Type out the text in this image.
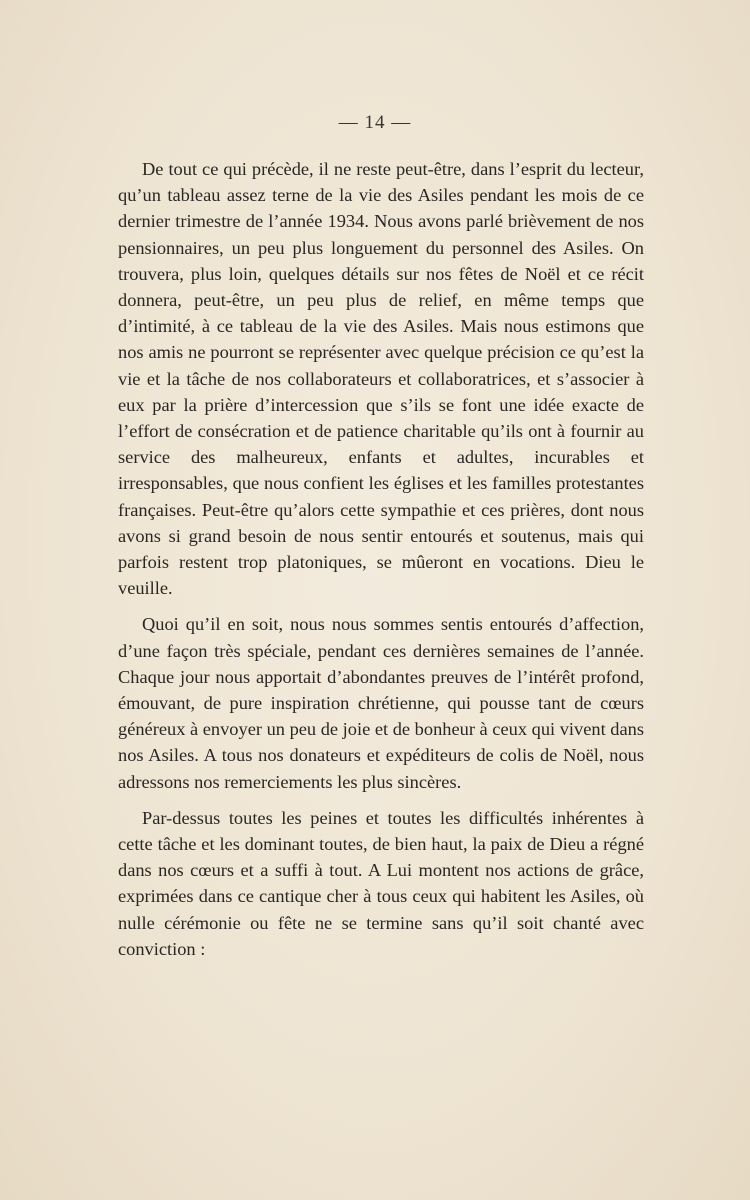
— 14 —

De tout ce qui précède, il ne reste peut-être, dans l’esprit du lecteur, qu’un tableau assez terne de la vie des Asiles pendant les mois de ce dernier trimestre de l’année 1934. Nous avons parlé brièvement de nos pensionnaires, un peu plus longuement du personnel des Asiles. On trouvera, plus loin, quelques détails sur nos fêtes de Noël et ce récit donnera, peut-être, un peu plus de relief, en même temps que d’intimité, à ce tableau de la vie des Asiles. Mais nous estimons que nos amis ne pourront se représenter avec quelque précision ce qu’est la vie et la tâche de nos collaborateurs et collaboratrices, et s’associer à eux par la prière d’intercession que s’ils se font une idée exacte de l’effort de consécration et de patience charitable qu’ils ont à fournir au service des malheureux, enfants et adultes, incurables et irresponsables, que nous confient les églises et les familles protestantes françaises. Peut-être qu’alors cette sympathie et ces prières, dont nous avons si grand besoin de nous sentir entourés et soutenus, mais qui parfois restent trop platoniques, se mûeront en vocations. Dieu le veuille.

Quoi qu’il en soit, nous nous sommes sentis entourés d’affection, d’une façon très spéciale, pendant ces dernières semaines de l’année. Chaque jour nous apportait d’abondantes preuves de l’intérêt profond, émouvant, de pure inspiration chrétienne, qui pousse tant de cœurs généreux à envoyer un peu de joie et de bonheur à ceux qui vivent dans nos Asiles. A tous nos donateurs et expéditeurs de colis de Noël, nous adressons nos remerciements les plus sincères.

Par-dessus toutes les peines et toutes les difficultés inhérentes à cette tâche et les dominant toutes, de bien haut, la paix de Dieu a régné dans nos cœurs et a suffi à tout. A Lui montent nos actions de grâce, exprimées dans ce cantique cher à tous ceux qui habitent les Asiles, où nulle cérémonie ou fête ne se termine sans qu’il soit chanté avec conviction :
